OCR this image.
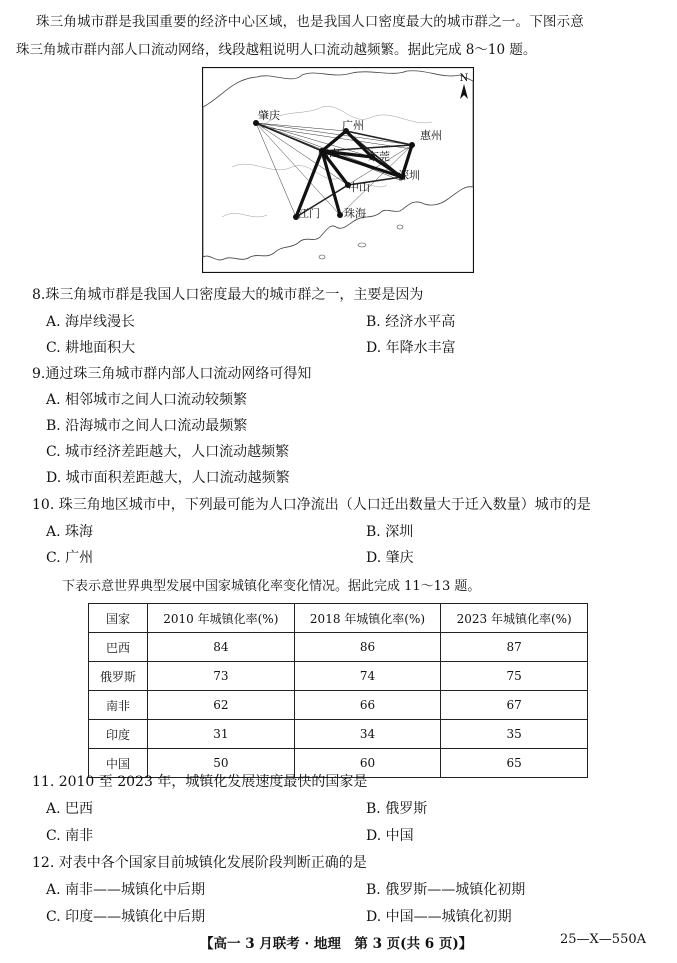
珠三角城市群是我国重要的经济中心区域，也是我国人口密度最大的城市群之一。下图示意
珠三角城市群内部人口流动网络，线段越粗说明人口流动越频繁。据此完成 8～10 题。
N
肇庆
广州
惠州
佛山	东莞
深圳
中山
江门 珠海
8.珠三角城市群是我国人口密度最大的城市群之一，主要是因为
A. 海岸线漫长	B. 经济水平高
C. 耕地面积大	D. 年降水丰富
9.通过珠三角城市群内部人口流动网络可得知
A. 相邻城市之间人口流动较频繁
B. 沿海城市之间人口流动最频繁
C. 城市经济差距越大，人口流动越频繁
D. 城市面积差距越大，人口流动越频繁
10. 珠三角地区城市中，下列最可能为人口净流出（人口迁出数量大于迁入数量）城市的是
A. 珠海	B. 深圳
C. 广州	D. 肇庆
下表示意世界典型发展中国家城镇化率变化情况。据此完成 11～13 题。
国家	2010 年城镇化率(%)	2018 年城镇化率(%)	2023 年城镇化率(%)
巴西	84	86	87
俄罗斯	73	74	75
南非	62	66	67
印度	31	34	35
中国	50	60	65
11. 2010 至 2023 年，城镇化发展速度最快的国家是
A. 巴西	B. 俄罗斯
C. 南非	D. 中国
12. 对表中各个国家目前城镇化发展阶段判断正确的是
A. 南非——城镇化中后期	B. 俄罗斯——城镇化初期
C. 印度——城镇化中后期	D. 中国——城镇化初期
【高一 3 月联考 · 地理　第 3 页(共 6 页)】	25—X—550A
